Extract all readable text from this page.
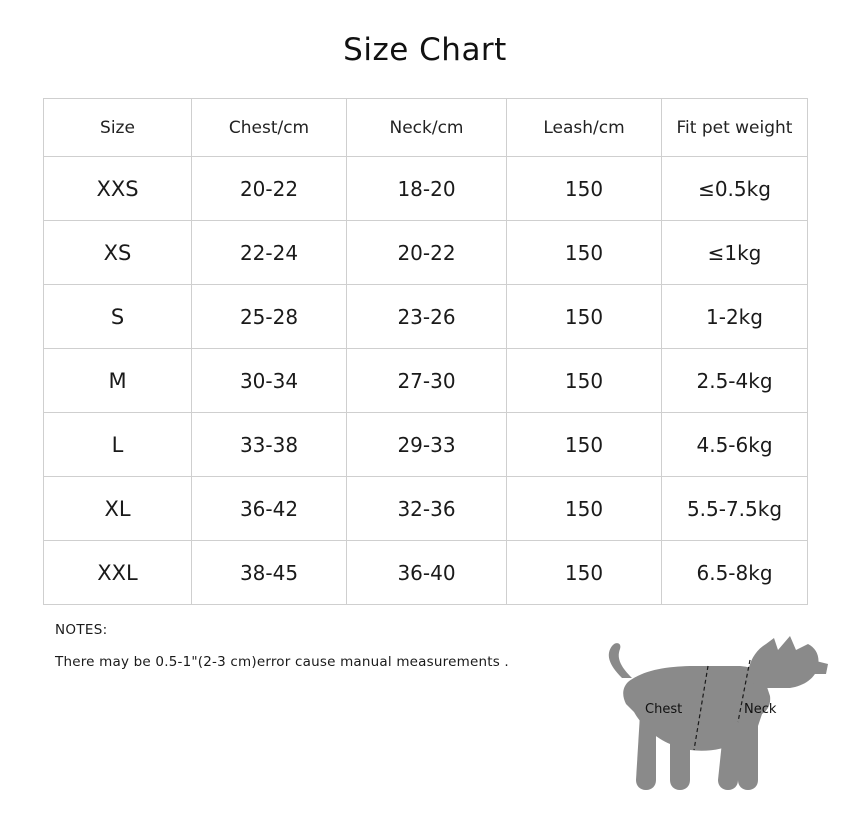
Size Chart
Size	Chest/cm	Neck/cm	Leash/cm	Fit pet weight
XXS	20-22	18-20	150	≤0.5kg
XS	22-24	20-22	150	≤1kg
S	25-28	23-26	150	1-2kg
M	30-34	27-30	150	2.5-4kg
L	33-38	29-33	150	4.5-6kg
XL	36-42	32-36	150	5.5-7.5kg
XXL	38-45	36-40	150	6.5-8kg
NOTES:
There may be 0.5-1"(2-3 cm)error cause manual measurements .
Chest	Neck
